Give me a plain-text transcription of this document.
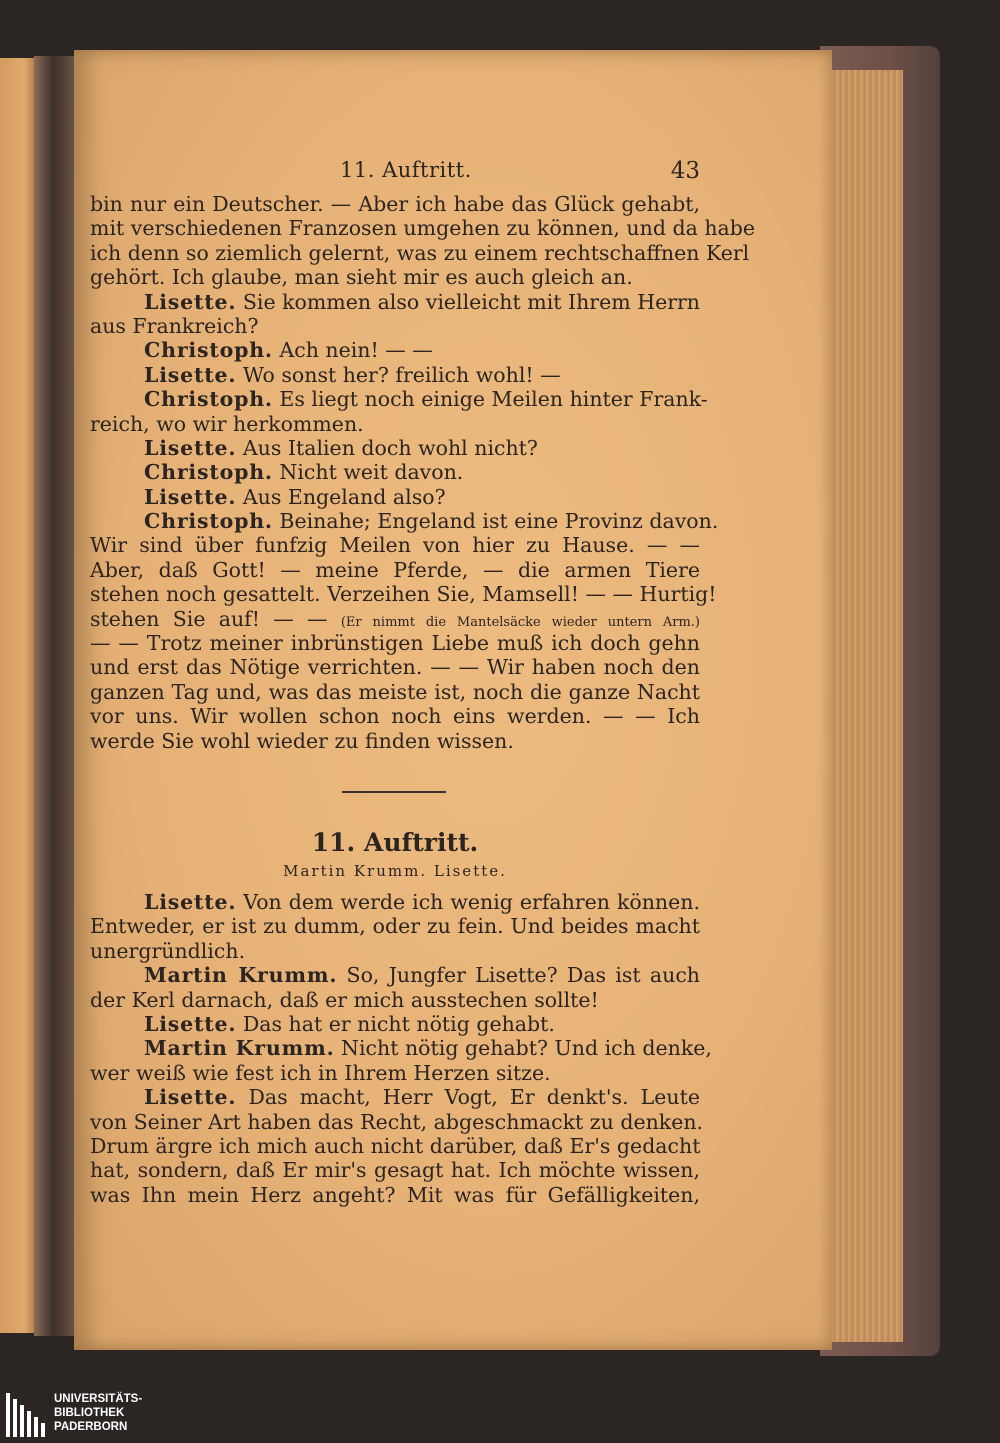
11. Auftritt.	43
bin nur ein Deutscher. — Aber ich habe das Glück gehabt,
mit verschiedenen Franzosen umgehen zu können, und da habe
ich denn so ziemlich gelernt, was zu einem rechtschaffnen Kerl
gehört. Ich glaube, man sieht mir es auch gleich an.
Lisette. Sie kommen also vielleicht mit Ihrem Herrn
aus Frankreich?
Christoph. Ach nein! — —
Lisette. Wo sonst her? freilich wohl! —
Christoph. Es liegt noch einige Meilen hinter Frank-
reich, wo wir herkommen.
Lisette. Aus Italien doch wohl nicht?
Christoph. Nicht weit davon.
Lisette. Aus Engeland also?
Christoph. Beinahe; Engeland ist eine Provinz davon.
Wir sind über funfzig Meilen von hier zu Hause. — —
Aber, daß Gott! — meine Pferde, — die armen Tiere
stehen noch gesattelt. Verzeihen Sie, Mamsell! — — Hurtig!
stehen Sie auf! — — (Er nimmt die Mantelsäcke wieder untern Arm.)
— — Trotz meiner inbrünstigen Liebe muß ich doch gehn
und erst das Nötige verrichten. — — Wir haben noch den
ganzen Tag und, was das meiste ist, noch die ganze Nacht
vor uns. Wir wollen schon noch eins werden. — — Ich
werde Sie wohl wieder zu finden wissen.
11. Auftritt.
Martin Krumm. Lisette.
Lisette. Von dem werde ich wenig erfahren können.
Entweder, er ist zu dumm, oder zu fein. Und beides macht
unergründlich.
Martin Krumm. So, Jungfer Lisette? Das ist auch
der Kerl darnach, daß er mich ausstechen sollte!
Lisette. Das hat er nicht nötig gehabt.
Martin Krumm. Nicht nötig gehabt? Und ich denke,
wer weiß wie fest ich in Ihrem Herzen sitze.
Lisette. Das macht, Herr Vogt, Er denkt's. Leute
von Seiner Art haben das Recht, abgeschmackt zu denken.
Drum ärgre ich mich auch nicht darüber, daß Er's gedacht
hat, sondern, daß Er mir's gesagt hat. Ich möchte wissen,
was Ihn mein Herz angeht? Mit was für Gefälligkeiten,
UNIVERSITÄTS-
BIBLIOTHEK
PADERBORN
